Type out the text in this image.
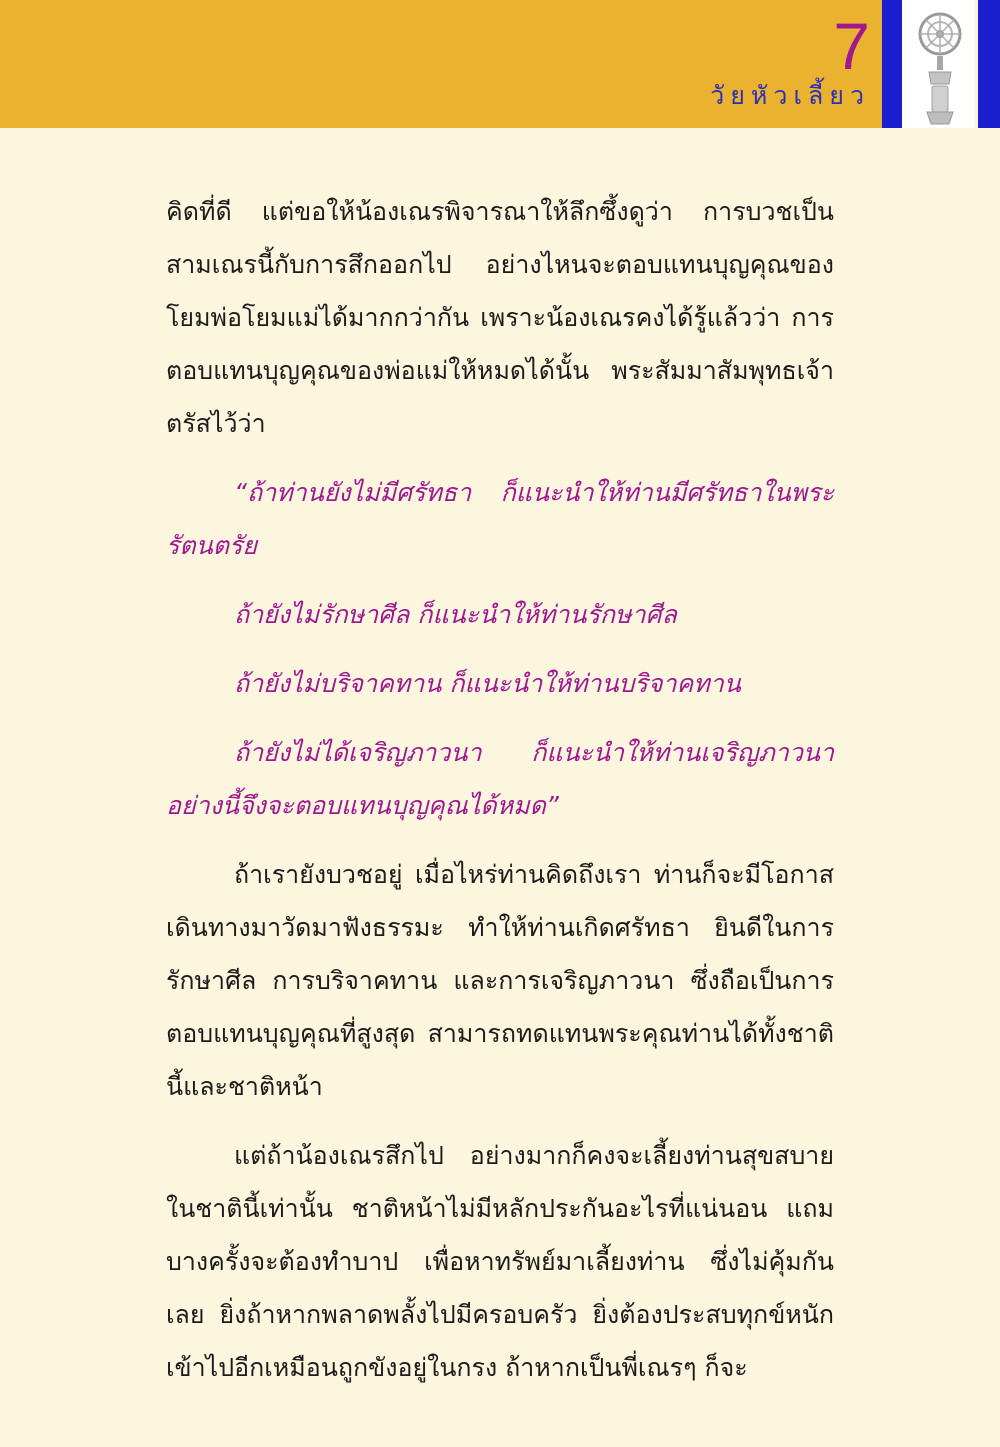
7
วัยหัวเลี้ยว

คิดที่ดี แต่ขอให้น้องเณรพิจารณาให้ลึกซึ้งดูว่า การบวชเป็นสามเณรนี้กับการสึกออกไป อย่างไหนจะตอบแทนบุญคุณของโยมพ่อโยมแม่ได้มากกว่ากัน เพราะน้องเณรคงได้รู้แล้วว่า การตอบแทนบุญคุณของพ่อแม่ให้หมดได้นั้น พระสัมมาสัมพุทธเจ้าตรัสไว้ว่า

“ถ้าท่านยังไม่มีศรัทธา ก็แนะนำให้ท่านมีศรัทธาในพระรัตนตรัย

ถ้ายังไม่รักษาศีล ก็แนะนำให้ท่านรักษาศีล

ถ้ายังไม่บริจาคทาน ก็แนะนำให้ท่านบริจาคทาน

ถ้ายังไม่ได้เจริญภาวนา ก็แนะนำให้ท่านเจริญภาวนา อย่างนี้จึงจะตอบแทนบุญคุณได้หมด”

ถ้าเรายังบวชอยู่ เมื่อไหร่ท่านคิดถึงเรา ท่านก็จะมีโอกาสเดินทางมาวัดมาฟังธรรมะ ทำให้ท่านเกิดศรัทธา ยินดีในการรักษาศีล การบริจาคทาน และการเจริญภาวนา ซึ่งถือเป็นการตอบแทนบุญคุณที่สูงสุด สามารถทดแทนพระคุณท่านได้ทั้งชาตินี้และชาติหน้า

แต่ถ้าน้องเณรสึกไป อย่างมากก็คงจะเลี้ยงท่านสุขสบายในชาตินี้เท่านั้น ชาติหน้าไม่มีหลักประกันอะไรที่แน่นอน แถมบางครั้งจะต้องทำบาป เพื่อหาทรัพย์มาเลี้ยงท่าน ซึ่งไม่คุ้มกันเลย ยิ่งถ้าหากพลาดพลั้งไปมีครอบครัว ยิ่งต้องประสบทุกข์หนักเข้าไปอีกเหมือนถูกขังอยู่ในกรง ถ้าหากเป็นพี่เณรๆ ก็จะ
